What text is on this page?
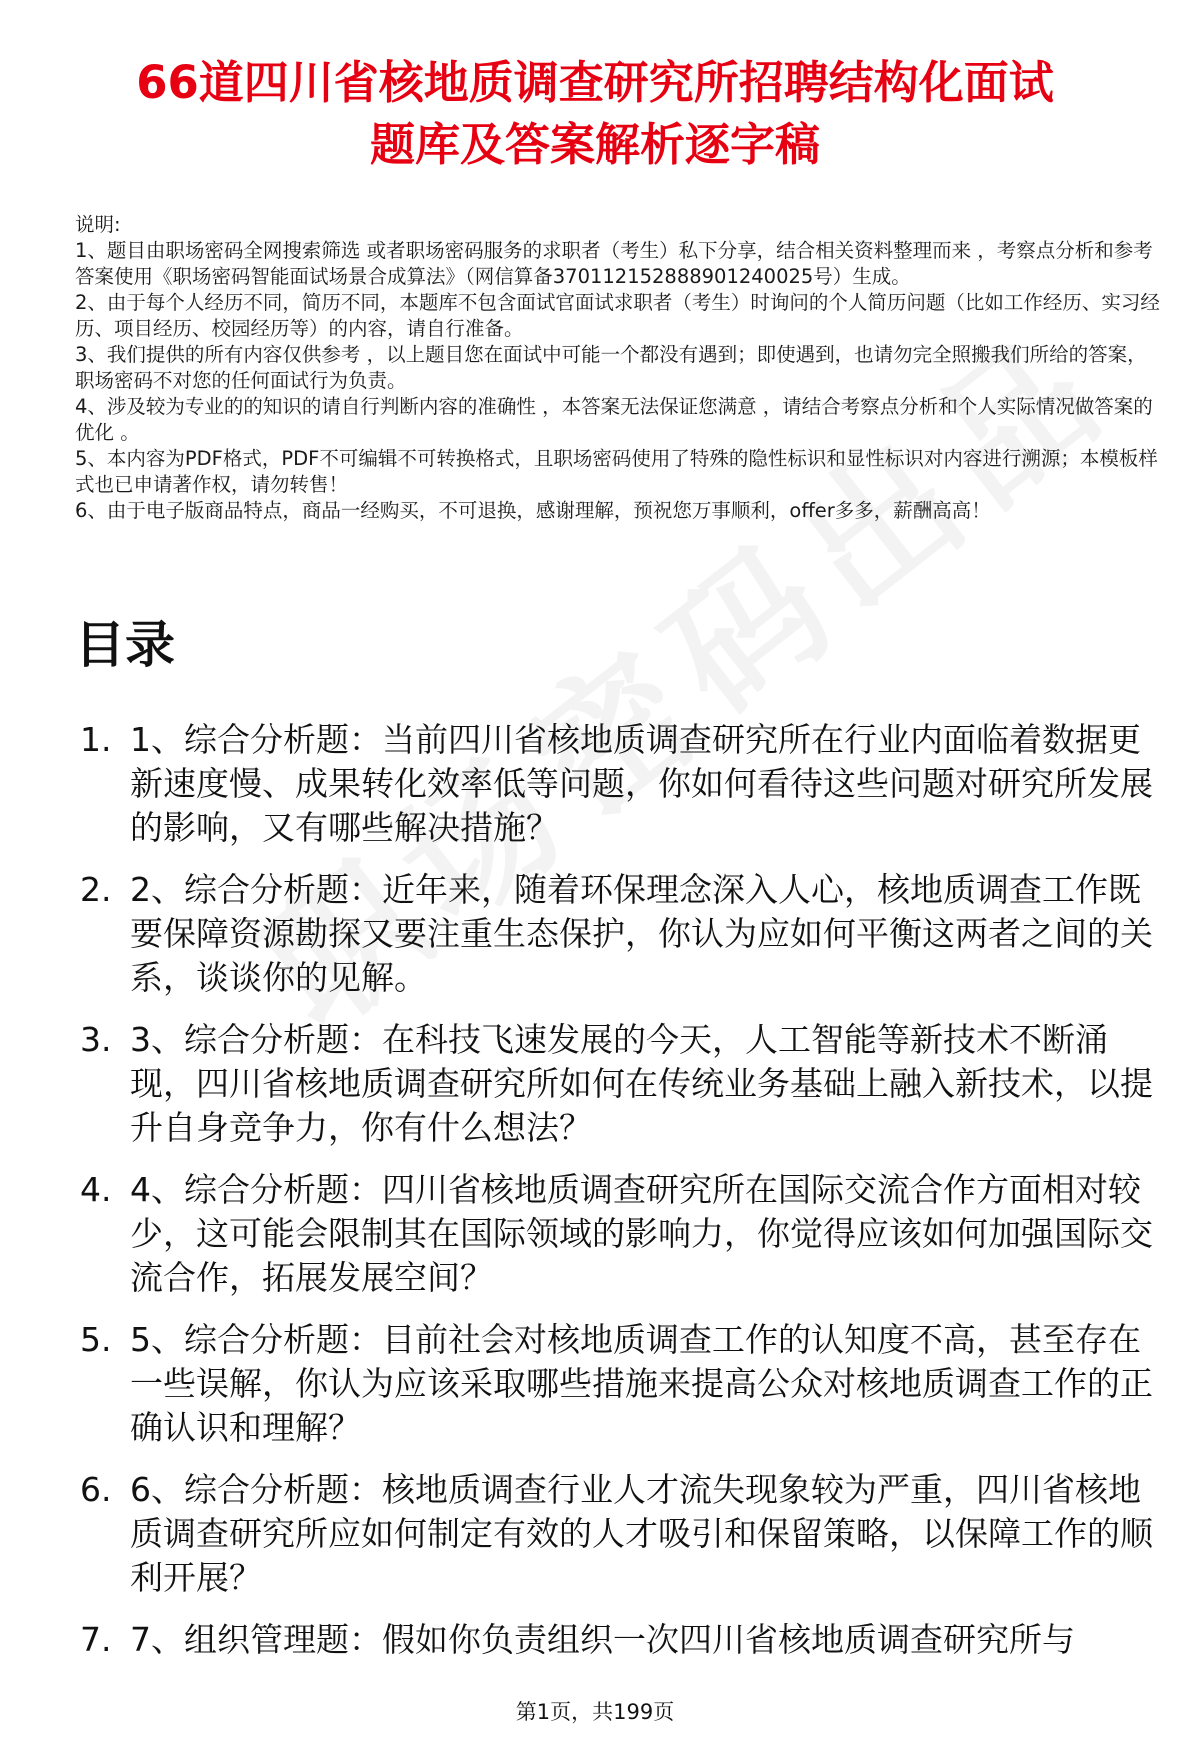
66道四川省核地质调查研究所招聘结构化面试
题库及答案解析逐字稿

说明:

1、题目由职场密码全网搜索筛选 或者职场密码服务的求职者（考生）私下分享，结合相关资料整理而来 ，考察点分析和参考答案使用《职场密码智能面试场景合成算法》（网信算备370112152888901240025号）生成。

2、由于每个人经历不同，简历不同，本题库不包含面试官面试求职者（考生）时询问的个人简历问题（比如工作经历、实习经历、项目经历、校园经历等）的内容，请自行准备。

3、我们提供的所有内容仅供参考 ，以上题目您在面试中可能一个都没有遇到；即使遇到，也请勿完全照搬我们所给的答案，职场密码不对您的任何面试行为负责。

4、涉及较为专业的的知识的请自行判断内容的准确性 ，本答案无法保证您满意 ，请结合考察点分析和个人实际情况做答案的优化 。

5、本内容为PDF格式，PDF不可编辑不可转换格式，且职场密码使用了特殊的隐性标识和显性标识对内容进行溯源；本模板样式也已申请著作权，请勿转售！

6、由于电子版商品特点，商品一经购买，不可退换，感谢理解，预祝您万事顺利，offer多多，薪酬高高！

目录
1. 1、综合分析题：当前四川省核地质调查研究所在行业内面临着数据更新速度慢、成果转化效率低等问题，你如何看待这些问题对研究所发展的影响，又有哪些解决措施？
2. 2、综合分析题：近年来，随着环保理念深入人心，核地质调查工作既要保障资源勘探又要注重生态保护，你认为应如何平衡这两者之间的关系，谈谈你的见解。
3. 3、综合分析题：在科技飞速发展的今天，人工智能等新技术不断涌现，四川省核地质调查研究所如何在传统业务基础上融入新技术，以提升自身竞争力，你有什么想法？
4. 4、综合分析题：四川省核地质调查研究所在国际交流合作方面相对较少，这可能会限制其在国际领域的影响力，你觉得应该如何加强国际交流合作，拓展发展空间？
5. 5、综合分析题：目前社会对核地质调查工作的认知度不高，甚至存在一些误解，你认为应该采取哪些措施来提高公众对核地质调查工作的正确认识和理解？
6. 6、综合分析题：核地质调查行业人才流失现象较为严重，四川省核地质调查研究所应如何制定有效的人才吸引和保留策略，以保障工作的顺利开展？
7. 7、组织管理题：假如你负责组织一次四川省核地质调查研究所与
第1页，共199页
